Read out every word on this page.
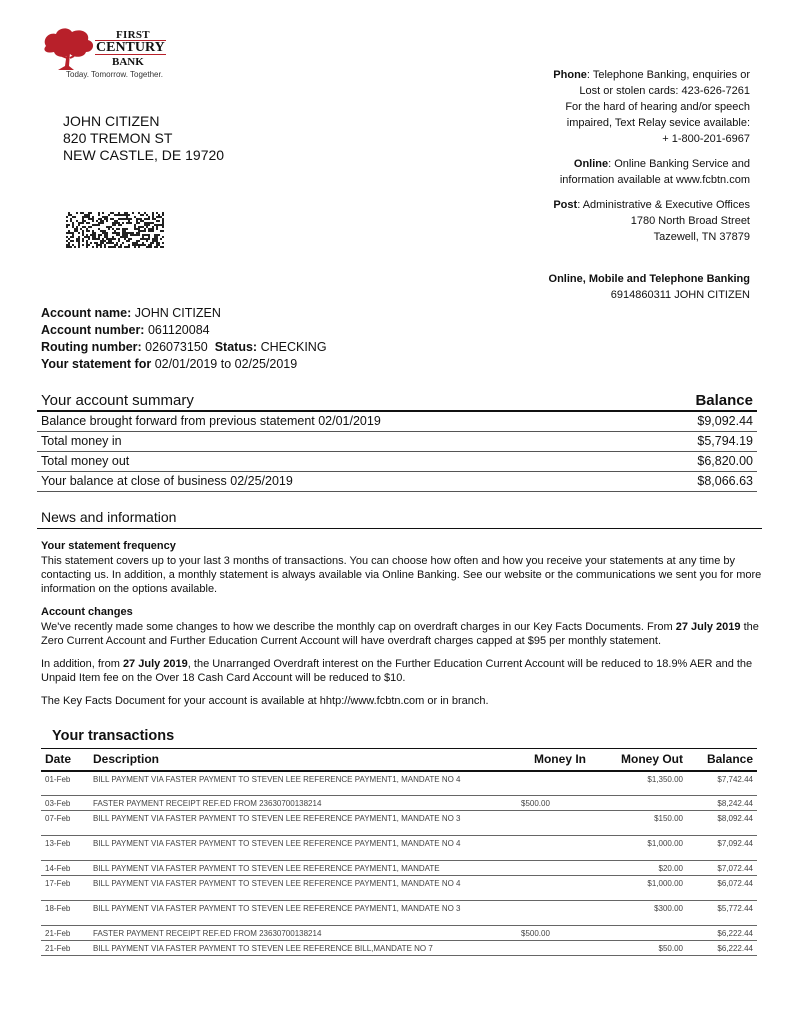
FIRST
CENTURY
BANK
Today. Tomorrow. Together.	Phone: Telephone Banking, enquiries or
Lost or stolen cards: 423-626-7261
For the hard of hearing and/or speech
impaired, Text Relay sevice available:
+ 1-800-201-6967

Online: Online Banking Service and
information available at www.fcbtn.com

Post: Administrative & Executive Offices
1780 North Broad Street
Tazewell, TN 37879

JOHN CITIZEN
820 TREMON ST
NEW CASTLE, DE 19720
Online, Mobile and Telephone Banking
6914860311 JOHN CITIZEN
Account name: JOHN CITIZEN
Account number: 061120084
Routing number: 026073150 Status: CHECKING
Your statement for 02/01/2019 to 02/25/2019
Your account summary	Balance
Balance brought forward from previous statement 02/01/2019	$9,092.44
Total money in	$5,794.19
Total money out	$6,820.00
Your balance at close of business 02/25/2019	$8,066.63
News and information
Your statement frequency

This statement covers up to your last 3 months of transactions. You can choose how often and how you receive your statements at any time by contacting us. In addition, a monthly statement is always available via Online Banking. See our website or the communications we sent you for more information on the options available.

Account changes

We've recently made some changes to how we describe the monthly cap on overdraft charges in our Key Facts Documents. From 27 July 2019 the Zero Current Account and Further Education Current Account will have overdraft charges capped at $95 per monthly statement.

In addition, from 27 July 2019, the Unarranged Overdraft interest on the Further Education Current Account will be reduced to 18.9% AER and the Unpaid Item fee on the Over 18 Cash Card Account will be reduced to $10.

The Key Facts Document for your account is available at hhtp://www.fcbtn.com or in branch.

Your transactions
Date	Description	Money In	Money Out	Balance
01-Feb	BILL PAYMENT VIA FASTER PAYMENT TO STEVEN LEE REFERENCE PAYMENT1, MANDATE NO 4		$1,350.00	$7,742.44
03-Feb	FASTER PAYMENT RECEIPT REF.ED FROM 23630700138214	$500.00		$8,242.44
07-Feb	BILL PAYMENT VIA FASTER PAYMENT TO STEVEN LEE REFERENCE PAYMENT1, MANDATE NO 3		$150.00	$8,092.44
13-Feb	BILL PAYMENT VIA FASTER PAYMENT TO STEVEN LEE REFERENCE PAYMENT1, MANDATE NO 4		$1,000.00	$7,092.44
14-Feb	BILL PAYMENT VIA FASTER PAYMENT TO STEVEN LEE REFERENCE PAYMENT1, MANDATE		$20.00	$7,072.44
17-Feb	BILL PAYMENT VIA FASTER PAYMENT TO STEVEN LEE REFERENCE PAYMENT1, MANDATE NO 4		$1,000.00	$6,072.44
18-Feb	BILL PAYMENT VIA FASTER PAYMENT TO STEVEN LEE REFERENCE PAYMENT1, MANDATE NO 3		$300.00	$5,772.44
21-Feb	FASTER PAYMENT RECEIPT REF.ED FROM 23630700138214	$500.00		$6,222.44
21-Feb	BILL PAYMENT VIA FASTER PAYMENT TO STEVEN LEE REFERENCE BILL,MANDATE NO 7		$50.00	$6,222.44
